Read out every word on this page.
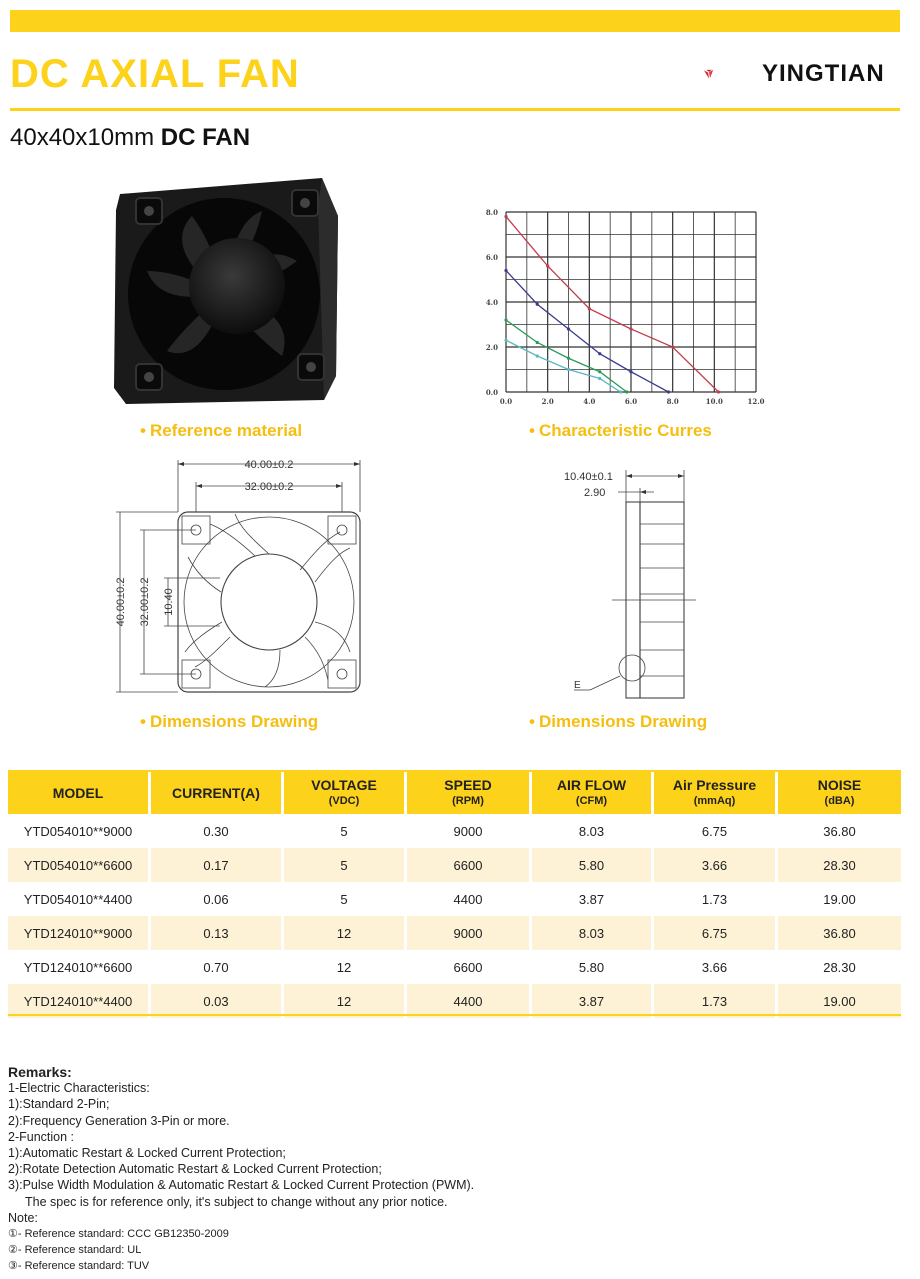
DC AXIAL FAN	YINGTIAN
40x40x10mm DC FAN
• Reference material
0.0	2.0	4.0	6.0	8.0	10.0	12.0
0.0
2.0
4.0
6.0
8.0
• Characteristic Curres
40.00±0.2
32.00±0.2
40.00±0.2 32.00±0.2 10.40
• Dimensions Drawing
10.40±0.1
2.90
E
• Dimensions Drawing
MODEL	CURRENT(A)	VOLTAGE
(VDC)	SPEED
(RPM)	AIR FLOW
(CFM)	Air Pressure
(mmAq)	NOISE
(dBA)
YTD054010**9000	0.30	5	9000	8.03	6.75	36.80
YTD054010**6600	0.17	5	6600	5.80	3.66	28.30
YTD054010**4400	0.06	5	4400	3.87	1.73	19.00
YTD124010**9000	0.13	12	9000	8.03	6.75	36.80
YTD124010**6600	0.70	12	6600	5.80	3.66	28.30
YTD124010**4400	0.03	12	4400	3.87	1.73	19.00
Remarks:
1-Electric Characteristics:
1):Standard 2-Pin;
2):Frequency Generation 3-Pin or more.
2-Function :
1):Automatic Restart & Locked Current Protection;
2):Rotate Detection Automatic Restart & Locked Current Protection;
3):Pulse Width Modulation & Automatic Restart & Locked Current Protection (PWM).
The spec is for reference only, it's subject to change without any prior notice.
Note:
①- Reference standard: CCC GB12350-2009
②- Reference standard: UL
③- Reference standard: TUV
